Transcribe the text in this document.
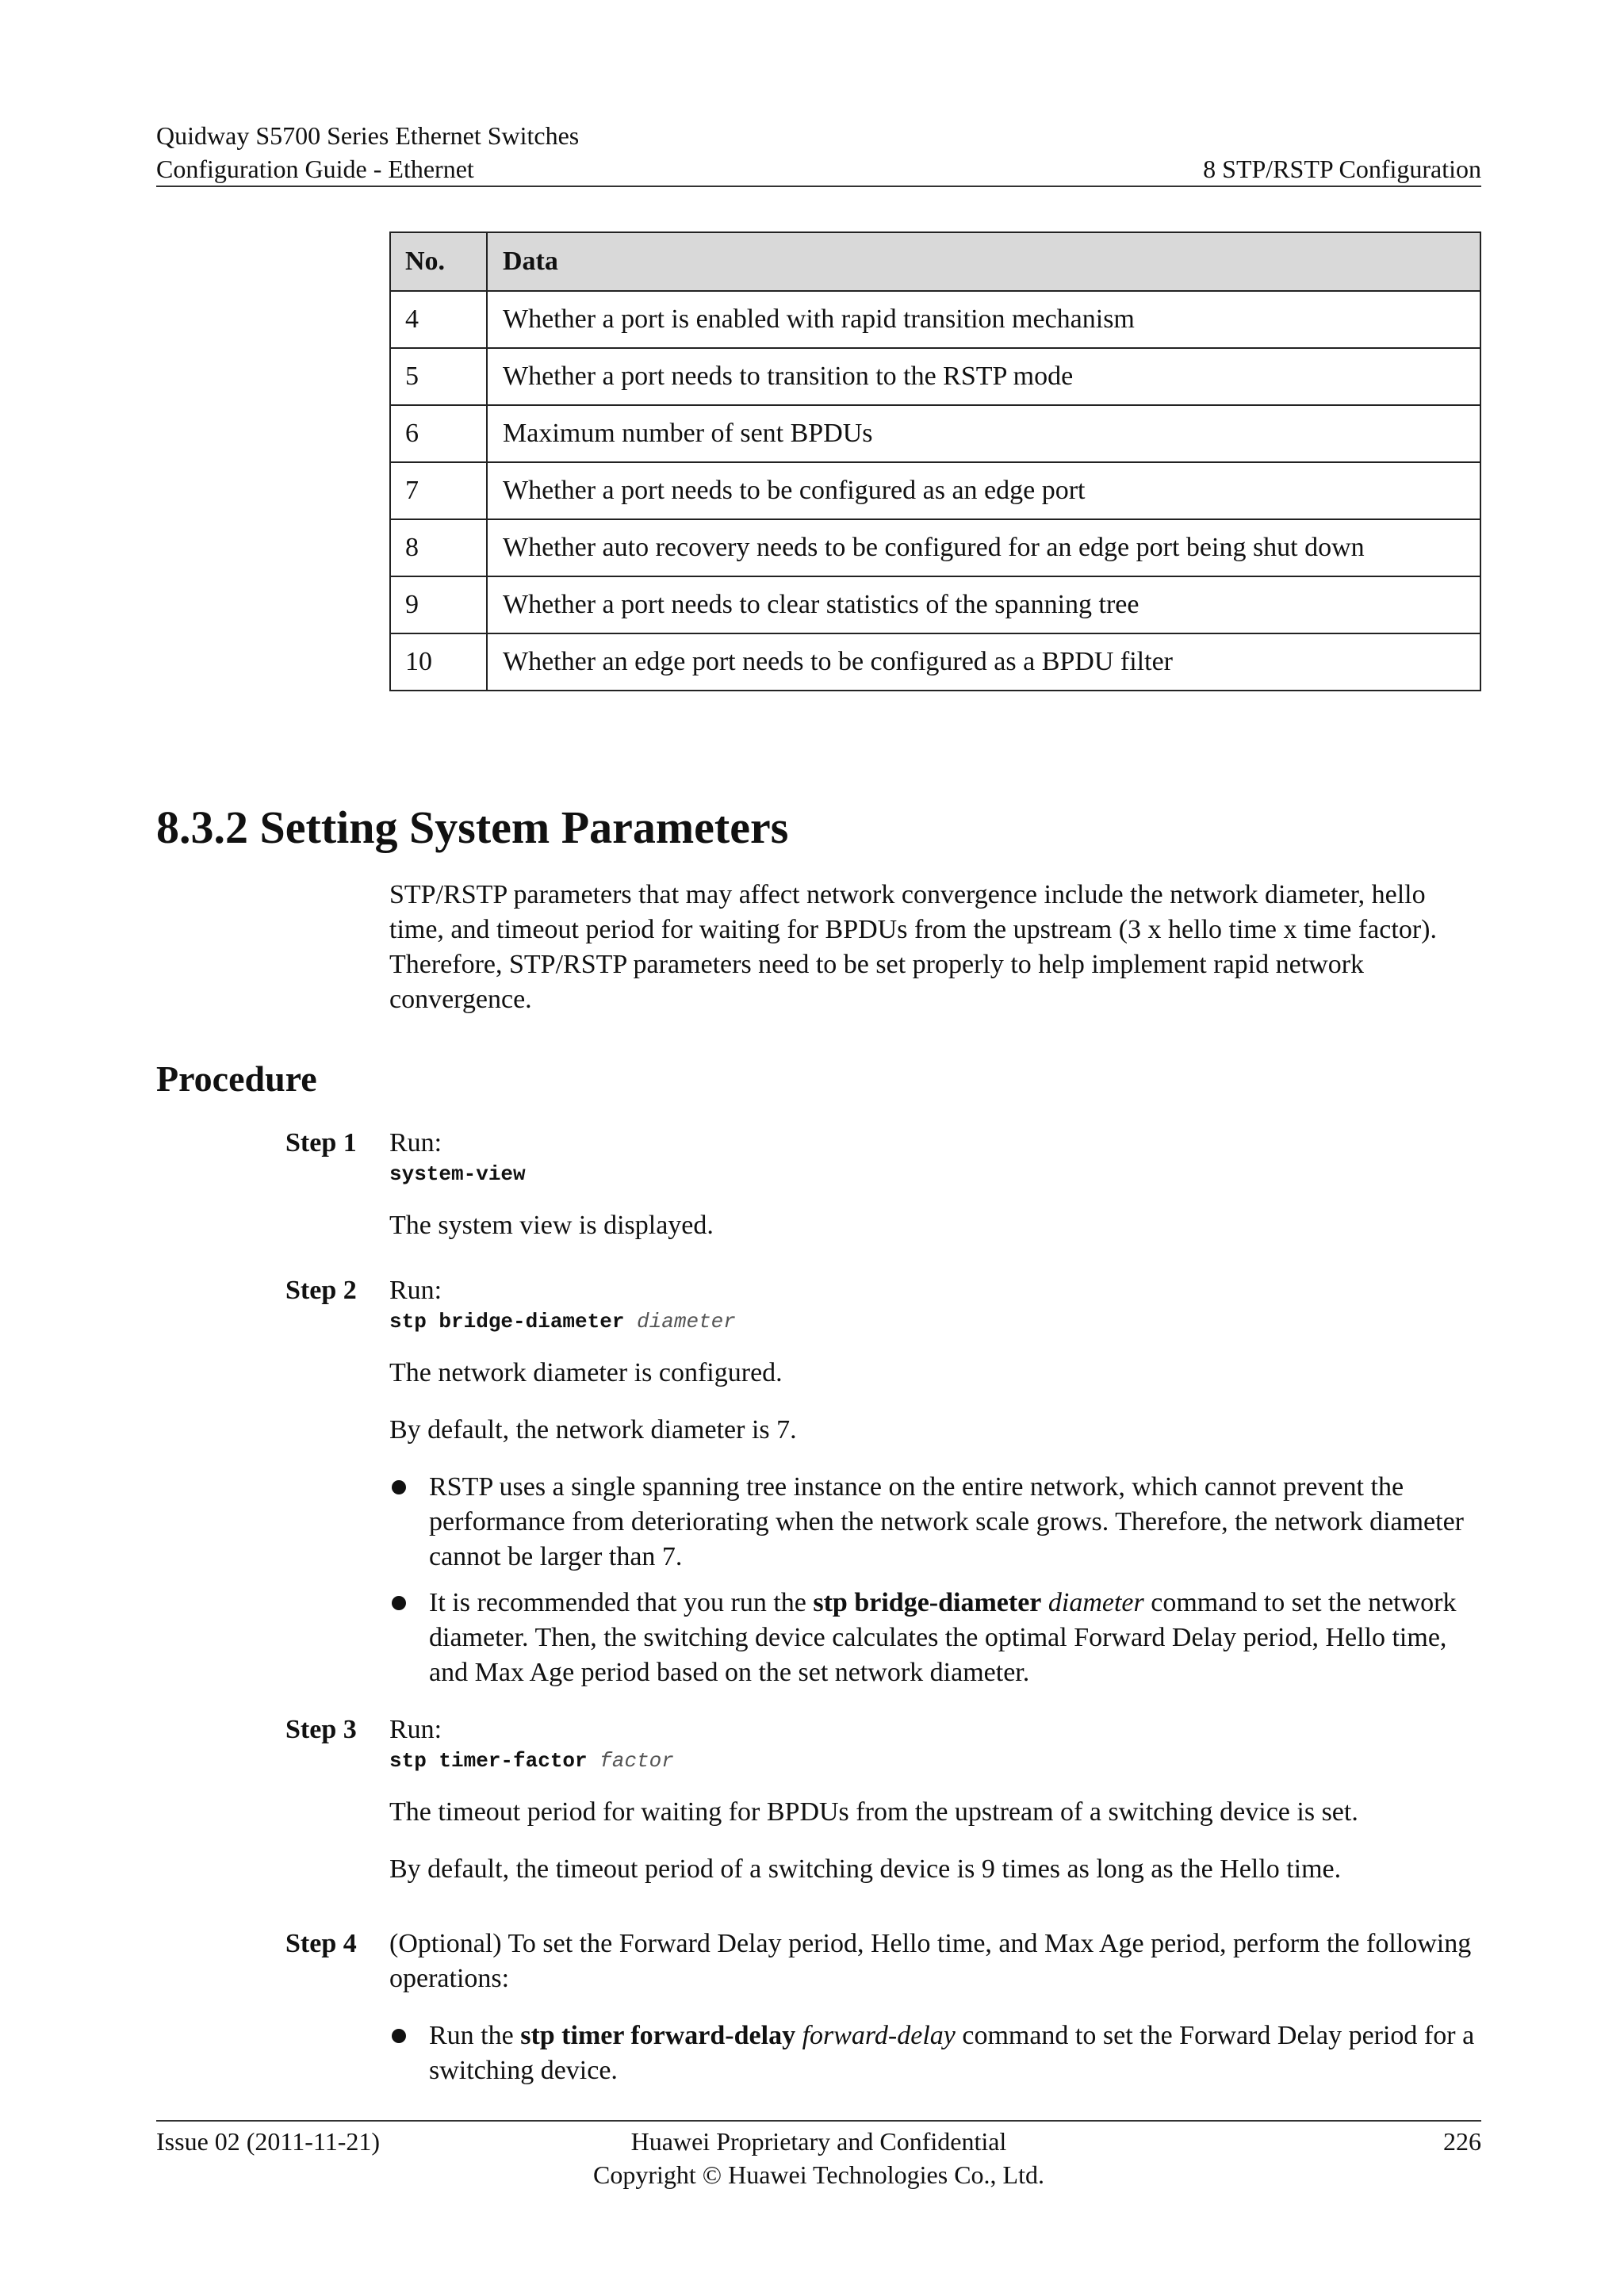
Quidway S5700 Series Ethernet Switches
Configuration Guide - Ethernet	8 STP/RSTP Configuration
No.	Data
4	Whether a port is enabled with rapid transition mechanism
5	Whether a port needs to transition to the RSTP mode
6	Maximum number of sent BPDUs
7	Whether a port needs to be configured as an edge port
8	Whether auto recovery needs to be configured for an edge port being shut down
9	Whether a port needs to clear statistics of the spanning tree
10	Whether an edge port needs to be configured as a BPDU filter
8.3.2 Setting System Parameters

STP/RSTP parameters that may affect network convergence include the network diameter, hello time, and timeout period for waiting for BPDUs from the upstream (3 x hello time x time factor). Therefore, STP/RSTP parameters need to be set properly to help implement rapid network convergence.

Procedure
Step 1 Run:

system-view

The system view is displayed.

Step 2 Run:

stp bridge-diameter diameter

The network diameter is configured.

By default, the network diameter is 7.

RSTP uses a single spanning tree instance on the entire network, which cannot prevent the performance from deteriorating when the network scale grows. Therefore, the network diameter cannot be larger than 7.
It is recommended that you run the stp bridge-diameter diameter command to set the network diameter. Then, the switching device calculates the optimal Forward Delay period, Hello time, and Max Age period based on the set network diameter.
Step 3 Run:

stp timer-factor factor

The timeout period for waiting for BPDUs from the upstream of a switching device is set.

By default, the timeout period of a switching device is 9 times as long as the Hello time.

Step 4 (Optional) To set the Forward Delay period, Hello time, and Max Age period, perform the following operations:

Run the stp timer forward-delay forward-delay command to set the Forward Delay period for a switching device.
Issue 02 (2011-11-21)	Huawei Proprietary and Confidential
Copyright © Huawei Technologies Co., Ltd.
226
